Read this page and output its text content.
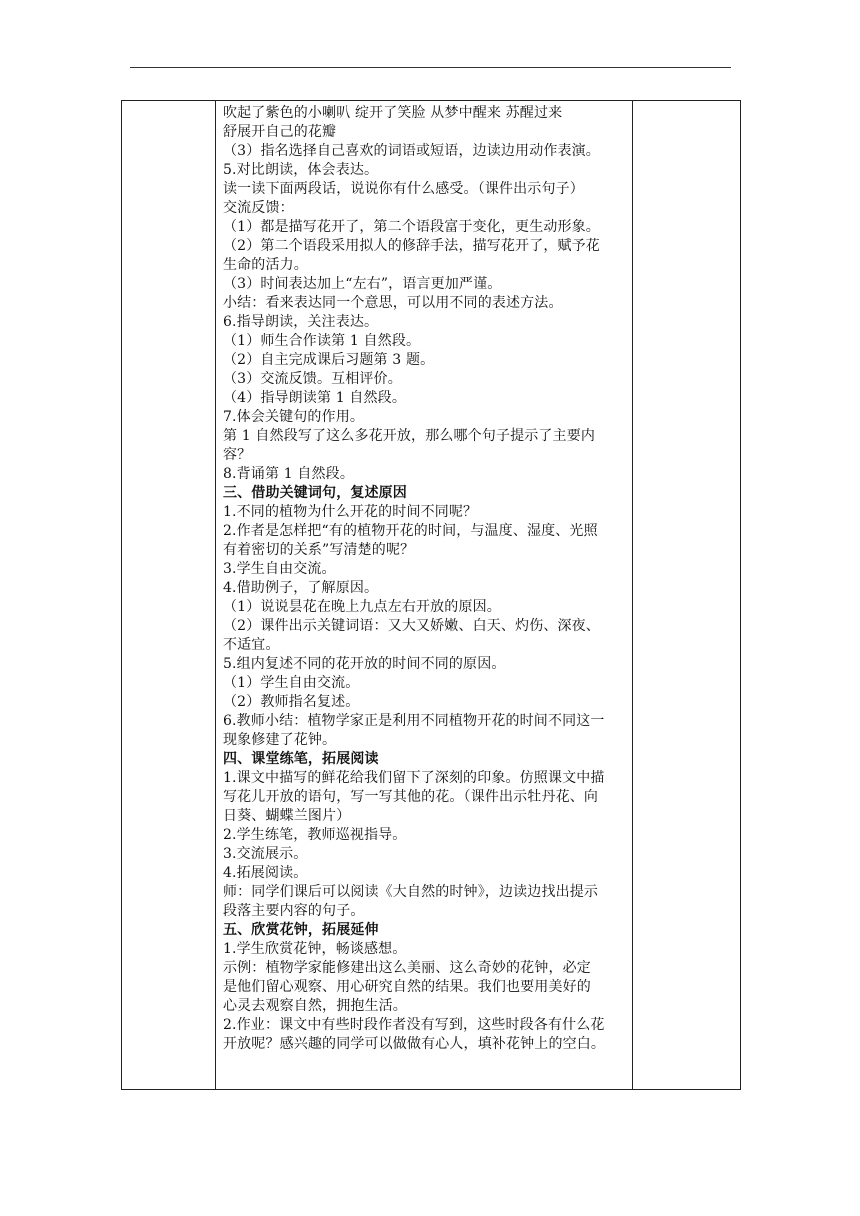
吹起了紫色的小喇叭 绽开了笑脸 从梦中醒来 苏醒过来
舒展开自己的花瓣
（3）指名选择自己喜欢的词语或短语，边读边用动作表演。
5.对比朗读，体会表达。
读一读下面两段话，说说你有什么感受。（课件出示句子）
交流反馈：
（1）都是描写花开了，第二个语段富于变化，更生动形象。
（2）第二个语段采用拟人的修辞手法，描写花开了，赋予花
生命的活力。
（3）时间表达加上“左右”，语言更加严谨。
小结：看来表达同一个意思，可以用不同的表述方法。
6.指导朗读，关注表达。
（1）师生合作读第 1 自然段。
（2）自主完成课后习题第 3 题。
（3）交流反馈。互相评价。
（4）指导朗读第 1 自然段。
7.体会关键句的作用。
第 1 自然段写了这么多花开放，那么哪个句子提示了主要内
容？
8.背诵第 1 自然段。
三、借助关键词句，复述原因
1.不同的植物为什么开花的时间不同呢？
2.作者是怎样把“有的植物开花的时间，与温度、湿度、光照
有着密切的关系”写清楚的呢？
3.学生自由交流。
4.借助例子，了解原因。
（1）说说昙花在晚上九点左右开放的原因。
（2）课件出示关键词语：又大又娇嫩、白天、灼伤、深夜、
不适宜。
5.组内复述不同的花开放的时间不同的原因。
（1）学生自由交流。
（2）教师指名复述。
6.教师小结：植物学家正是利用不同植物开花的时间不同这一
现象修建了花钟。
四、课堂练笔，拓展阅读
1.课文中描写的鲜花给我们留下了深刻的印象。仿照课文中描
写花儿开放的语句，写一写其他的花。（课件出示牡丹花、向
日葵、蝴蝶兰图片）
2.学生练笔，教师巡视指导。
3.交流展示。
4.拓展阅读。
师：同学们课后可以阅读《大自然的时钟》，边读边找出提示
段落主要内容的句子。
五、欣赏花钟，拓展延伸
1.学生欣赏花钟，畅谈感想。
示例：植物学家能修建出这么美丽、这么奇妙的花钟，必定
是他们留心观察、用心研究自然的结果。我们也要用美好的
心灵去观察自然，拥抱生活。
2.作业：课文中有些时段作者没有写到，这些时段各有什么花
开放呢？感兴趣的同学可以做做有心人，填补花钟上的空白。
